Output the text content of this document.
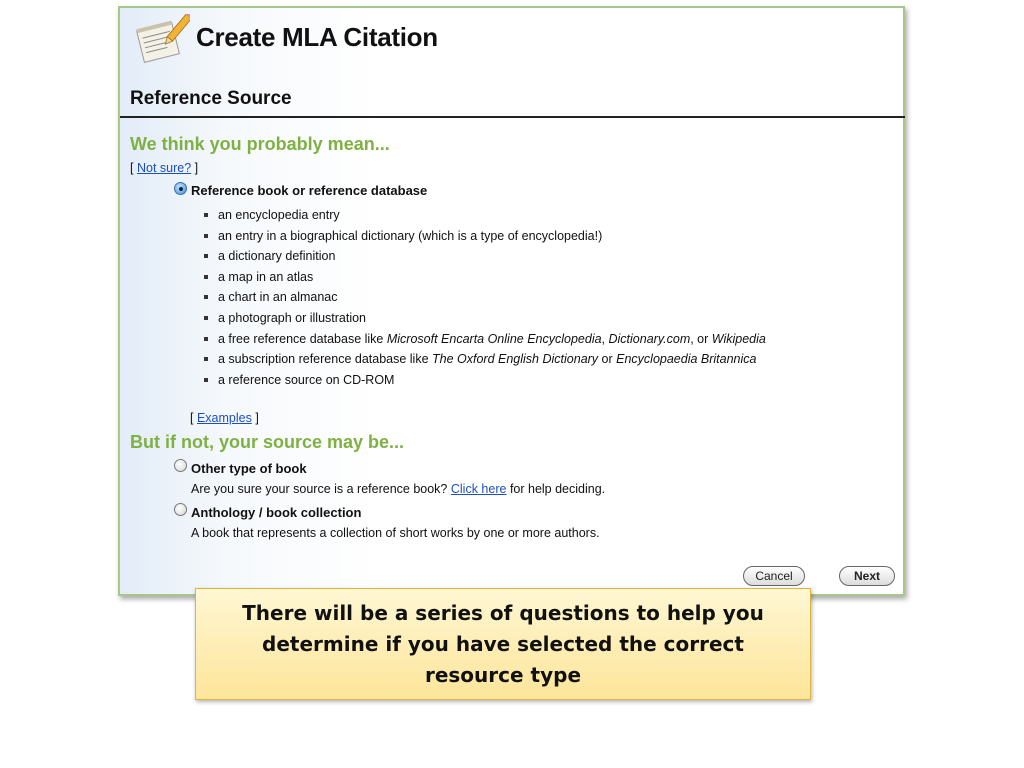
Create MLA Citation
Reference Source
We think you probably mean...
[ Not sure? ]
Reference book or reference database
an encyclopedia entry
an entry in a biographical dictionary (which is a type of encyclopedia!)
a dictionary definition
a map in an atlas
a chart in an almanac
a photograph or illustration
a free reference database like Microsoft Encarta Online Encyclopedia, Dictionary.com, or Wikipedia
a subscription reference database like The Oxford English Dictionary or Encyclopaedia Britannica
a reference source on CD-ROM
[ Examples ]
But if not, your source may be...
Other type of book
Are you sure your source is a reference book? Click here for help deciding.
Anthology / book collection
A book that represents a collection of short works by one or more authors.
Cancel	Next
There will be a series of questions to help you determine if you have selected the correct resource type
